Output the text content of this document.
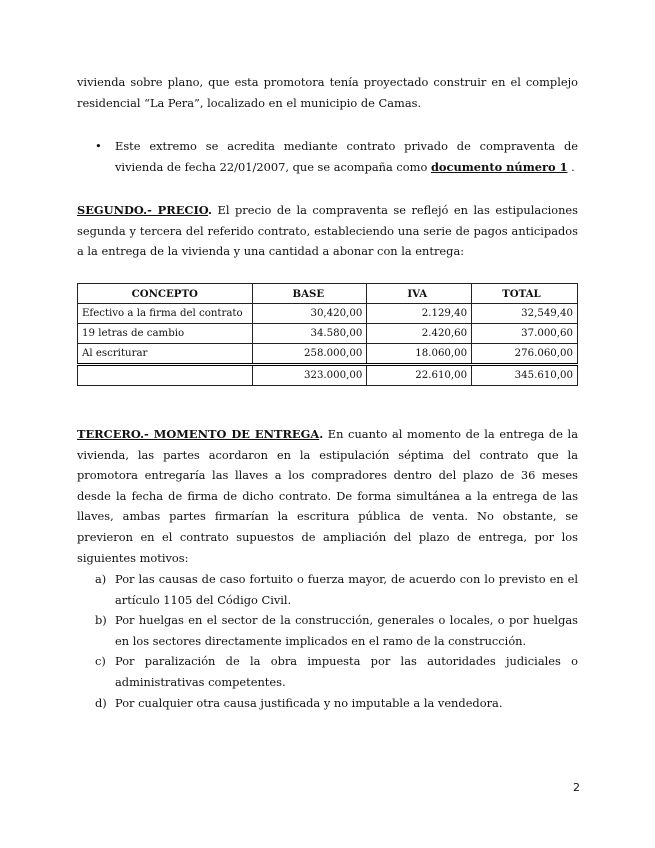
vivienda sobre plano, que esta promotora tenía proyectado construir en el complejo residencial “La Pera”, localizado en el municipio de Camas.

• Este extremo se acredita mediante contrato privado de compraventa de vivienda de fecha 22/01/2007, que se acompaña como documento número 1 .

SEGUNDO.- PRECIO. El precio de la compraventa se reflejó en las estipulaciones segunda y tercera del referido contrato, estableciendo una serie de pagos anticipados a la entrega de la vivienda y una cantidad a abonar con la entrega:

CONCEPTO	BASE	IVA	TOTAL
Efectivo a la firma del contrato	30,420,00	2.129,40	32,549,40
19 letras de cambio	34.580,00	2.420,60	37.000,60
Al escriturar	258.000,00	18.060,00	276.060,00
	323.000,00	22.610,00	345.610,00

TERCERO.- MOMENTO DE ENTREGA. En cuanto al momento de la entrega de la vivienda, las partes acordaron en la estipulación séptima del contrato que la promotora entregaría las llaves a los compradores dentro del plazo de 36 meses desde la fecha de firma de dicho contrato. De forma simultánea a la entrega de las llaves, ambas partes firmarían la escritura pública de venta. No obstante, se previeron en el contrato supuestos de ampliación del plazo de entrega, por los siguientes motivos:

a) Por las causas de caso fortuito o fuerza mayor, de acuerdo con lo previsto en el artículo 1105 del Código Civil.
b) Por huelgas en el sector de la construcción, generales o locales, o por huelgas en los sectores directamente implicados en el ramo de la construcción.
c) Por paralización de la obra impuesta por las autoridades judiciales o administrativas competentes.
d) Por cualquier otra causa justificada y no imputable a la vendedora.
2
